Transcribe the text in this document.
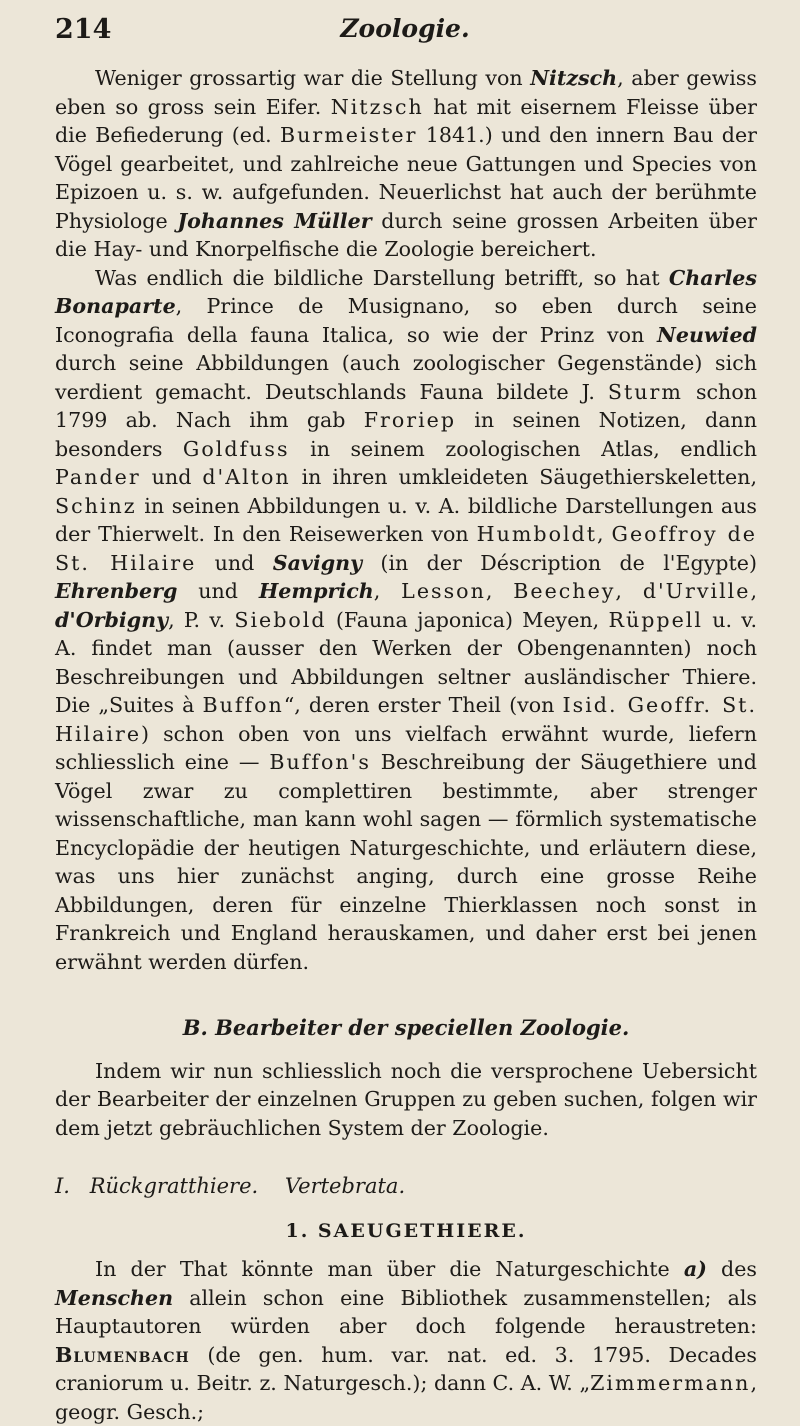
214	Zoologie.

Weniger grossartig war die Stellung von Nitzsch, aber gewiss eben so gross sein Eifer. Nitzsch hat mit eisernem Fleisse über die Befiederung (ed. Burmeister 1841.) und den innern Bau der Vögel gearbeitet, und zahlreiche neue Gattungen und Species von Epizoen u. s. w. aufgefunden. Neuerlichst hat auch der berühmte Physiologe Johannes Müller durch seine grossen Arbeiten über die Hay- und Knorpelfische die Zoologie bereichert.

Was endlich die bildliche Darstellung betrifft, so hat Charles Bonaparte, Prince de Musignano, so eben durch seine Iconografia della fauna Italica, so wie der Prinz von Neuwied durch seine Abbildungen (auch zoologischer Gegenstände) sich verdient gemacht. Deutschlands Fauna bildete J. Sturm schon 1799 ab. Nach ihm gab Froriep in seinen Notizen, dann besonders Goldfuss in seinem zoologischen Atlas, endlich Pander und d'Alton in ihren umkleideten Säugethierskeletten, Schinz in seinen Abbildungen u. v. A. bildliche Darstellungen aus der Thierwelt. In den Reisewerken von Humboldt, Geoffroy de St. Hilaire und Savigny (in der Déscription de l'Egypte) Ehrenberg und Hemprich, Lesson, Beechey, d'Urville, d'Orbigny, P. v. Siebold (Fauna japonica) Meyen, Rüppell u. v. A. findet man (ausser den Werken der Obengenannten) noch Beschreibungen und Abbildungen seltner ausländischer Thiere. Die „Suites à Buffon“, deren erster Theil (von Isid. Geoffr. St. Hilaire) schon oben von uns vielfach erwähnt wurde, liefern schliesslich eine — Buffon's Beschreibung der Säugethiere und Vögel zwar zu complettiren bestimmte, aber strenger wissenschaftliche, man kann wohl sagen — förmlich systematische Encyclopädie der heutigen Naturgeschichte, und erläutern diese, was uns hier zunächst anging, durch eine grosse Reihe Abbildungen, deren für einzelne Thierklassen noch sonst in Frankreich und England herauskamen, und daher erst bei jenen erwähnt werden dürfen.

B. Bearbeiter der speciellen Zoologie.

Indem wir nun schliesslich noch die versprochene Uebersicht der Bearbeiter der einzelnen Gruppen zu geben suchen, folgen wir dem jetzt gebräuchlichen System der Zoologie.

I. Rückgratthiere. Vertebrata.
1. SAEUGETHIERE.

In der That könnte man über die Naturgeschichte a) des Menschen allein schon eine Bibliothek zusammenstellen; als Hauptautoren würden aber doch folgende heraustreten: Blumenbach (de gen. hum. var. nat. ed. 3. 1795. Decades craniorum u. Beitr. z. Naturgesch.); dann C. A. W. „Zimmermann, geogr. Gesch.;
